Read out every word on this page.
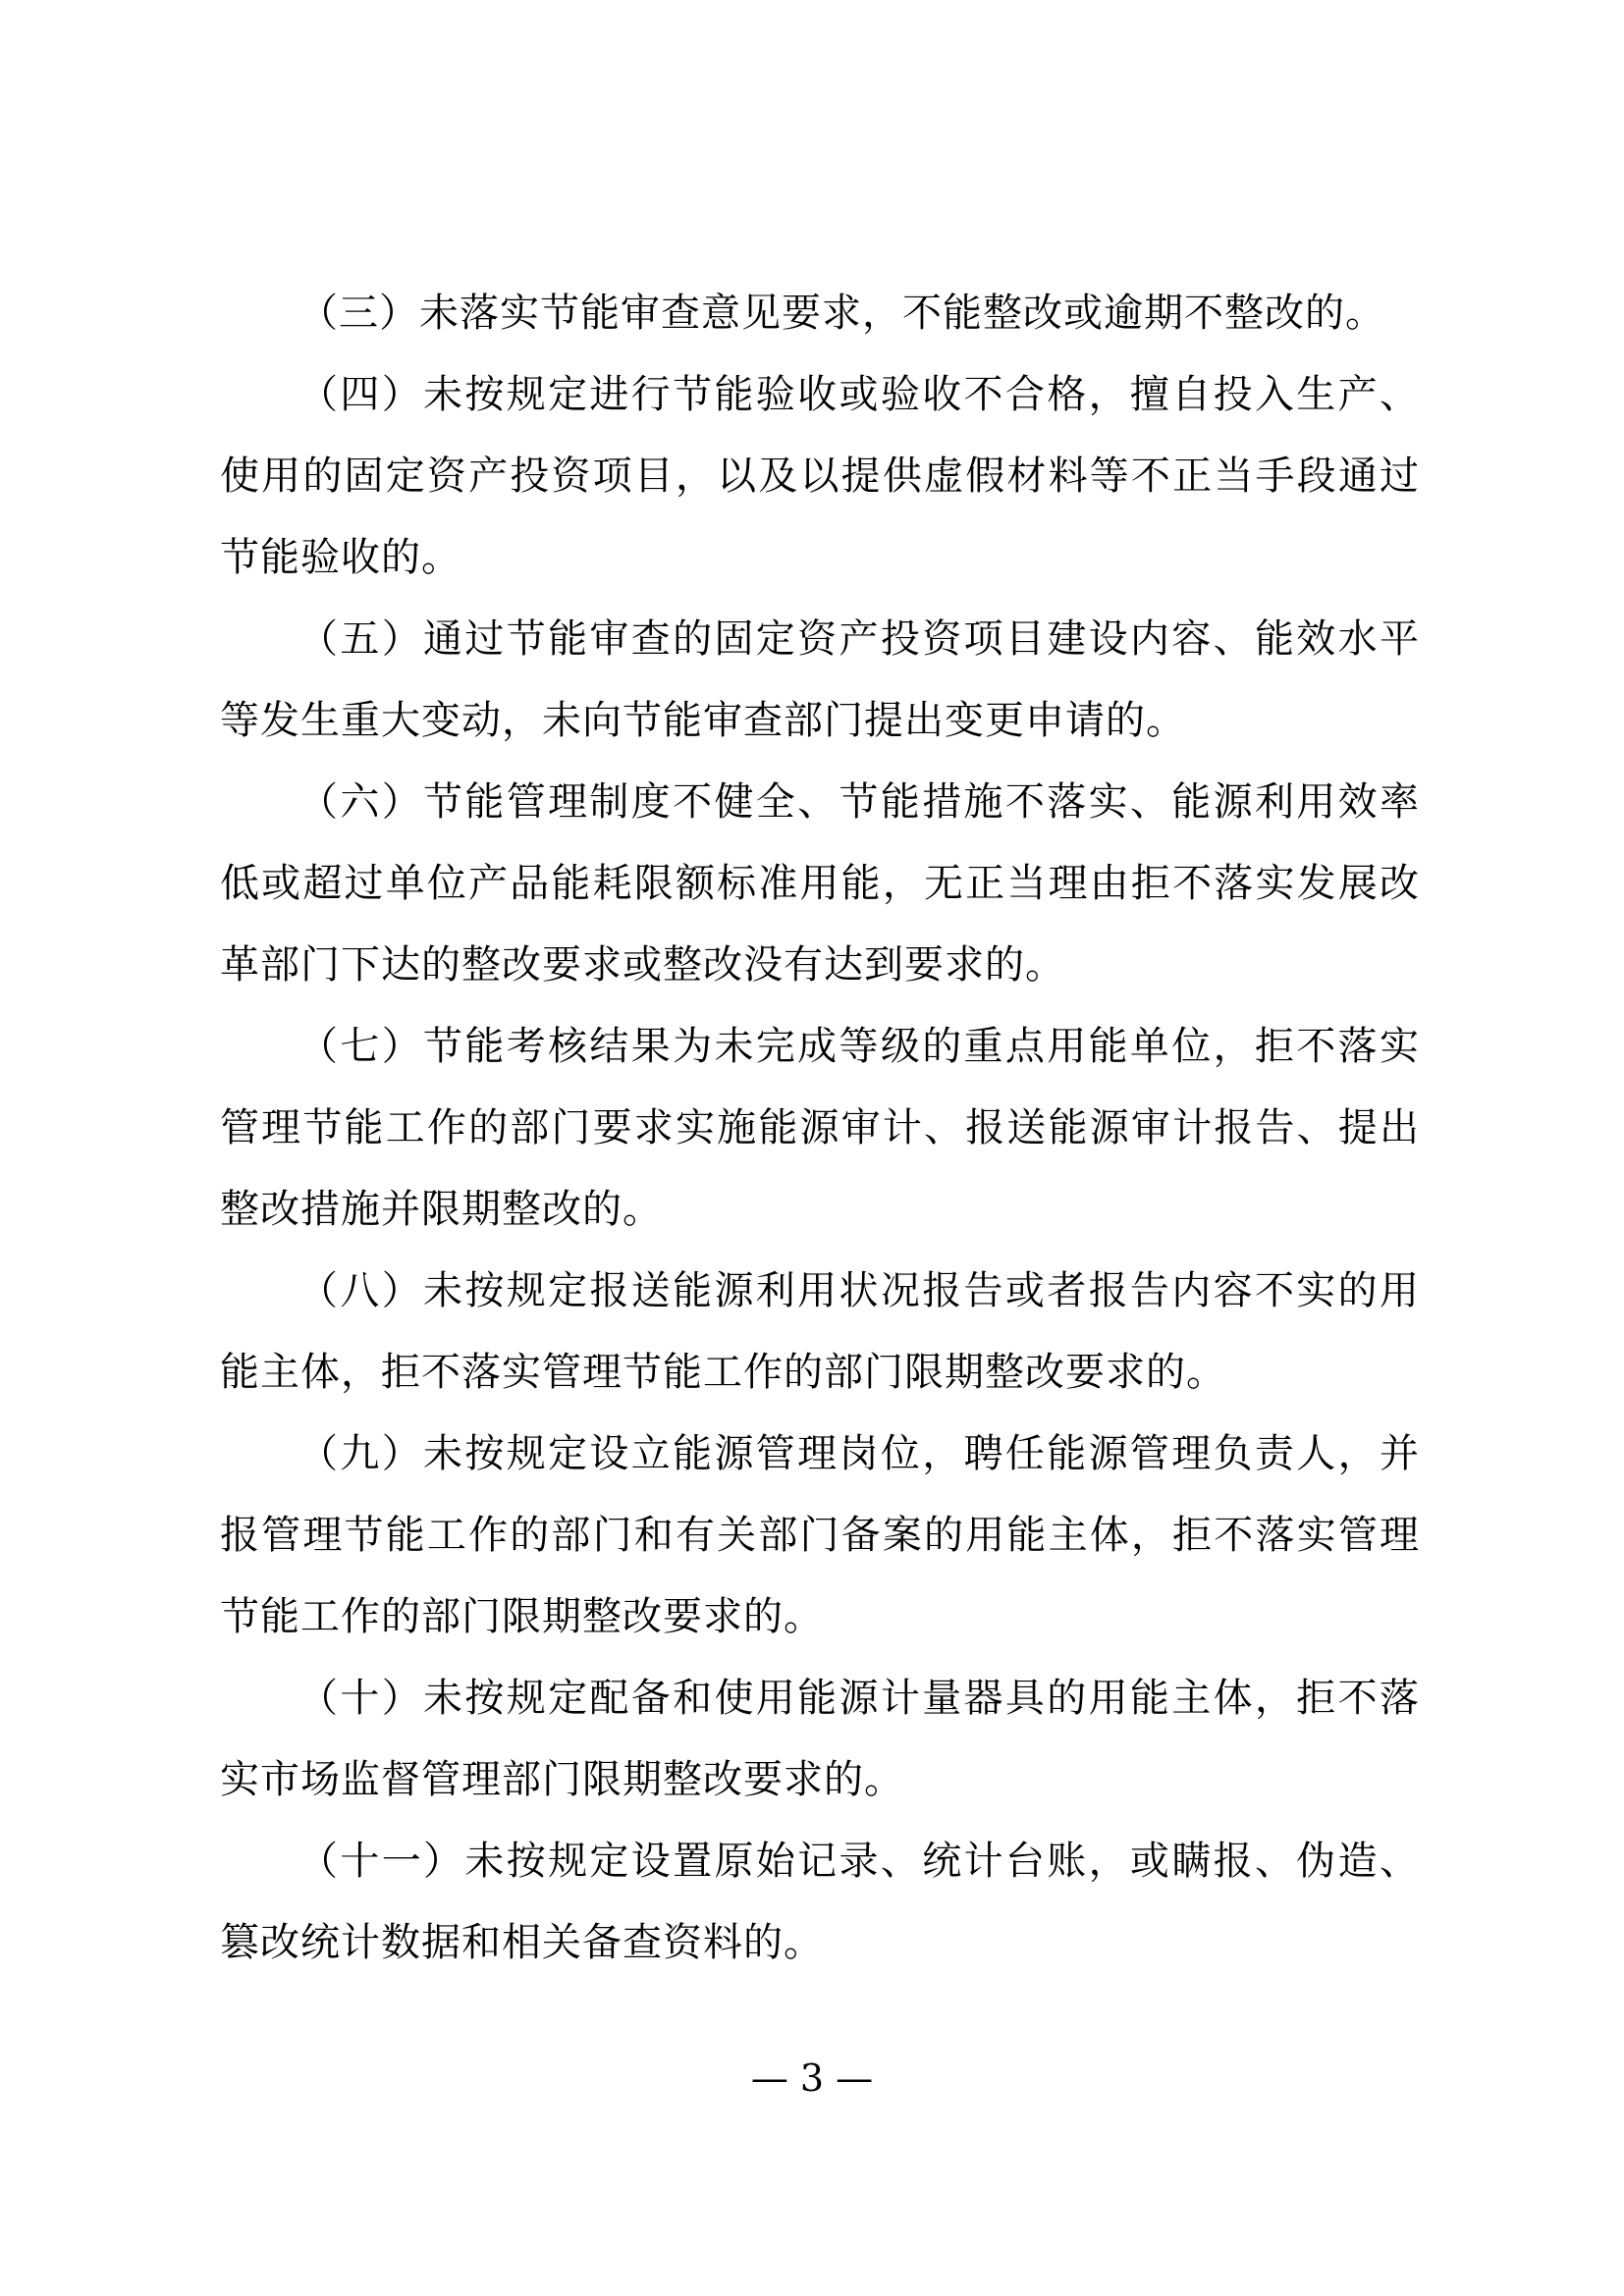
（三）未落实节能审查意见要求，不能整改或逾期不整改的。

（四）未按规定进行节能验收或验收不合格，擅自投入生产、使用的固定资产投资项目，以及以提供虚假材料等不正当手段通过节能验收的。

（五）通过节能审查的固定资产投资项目建设内容、能效水平等发生重大变动，未向节能审查部门提出变更申请的。

（六）节能管理制度不健全、节能措施不落实、能源利用效率低或超过单位产品能耗限额标准用能，无正当理由拒不落实发展改革部门下达的整改要求或整改没有达到要求的。

（七）节能考核结果为未完成等级的重点用能单位，拒不落实管理节能工作的部门要求实施能源审计、报送能源审计报告、提出整改措施并限期整改的。

（八）未按规定报送能源利用状况报告或者报告内容不实的用能主体，拒不落实管理节能工作的部门限期整改要求的。

（九）未按规定设立能源管理岗位，聘任能源管理负责人，并报管理节能工作的部门和有关部门备案的用能主体，拒不落实管理节能工作的部门限期整改要求的。

（十）未按规定配备和使用能源计量器具的用能主体，拒不落实市场监督管理部门限期整改要求的。

（十一）未按规定设置原始记录、统计台账，或瞒报、伪造、篡改统计数据和相关备查资料的。

— 3 —
